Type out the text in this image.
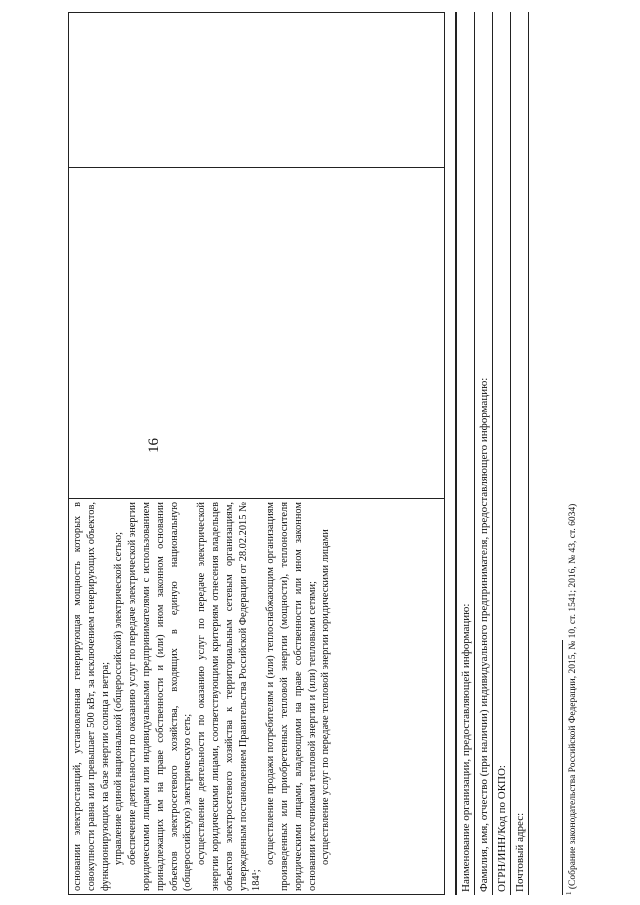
16

основании электростанций, установленная генерирующая мощность которых в совокупности равна или превышает 500 кВт, за исключением генерирующих объектов, функционирующих на базе энергии солнца и ветра; управление единой национальной (общероссийской) электрической сетью; обеспечение деятельности по оказанию услуг по передаче электрической энергии юридическими лицами или индивидуальными предпринимателями с использованием принадлежащих им на праве собственности и (или) ином законном основании объектов электросетевого хозяйства, входящих в единую национальную (общероссийскую) электрическую сеть; осуществление деятельности по оказанию услуг по передаче электрической энергии юридическими лицами, соответствующими критериям отнесения владельцев объектов электросетевого хозяйства к территориальным сетевым организациям, утвержденным постановлением Правительства Российской Федерации от 28.02.2015 № 184¹;

осуществление продажи потребителям и (или) теплоснабжающим организациям произведенных или приобретенных тепловой энергии (мощности), теплоносителя юридическими лицами, владеющими на праве собственности или ином законном основании источниками тепловой энергии и (или) тепловыми сетями; осуществление услуг по передаче тепловой энергии юридическими лицами	Наименование организации, предоставляющей информацию: Фамилия, имя, отчество (при наличии) индивидуального предпринимателя, предоставляющего информацию: ОГРН/ИНН/Код по ОКПО: Почтовый адрес:
$^1$ (Собрание законодательства Российской Федерации, 2015, № 10, ст. 1541; 2016, № 43, ст. 6034)
